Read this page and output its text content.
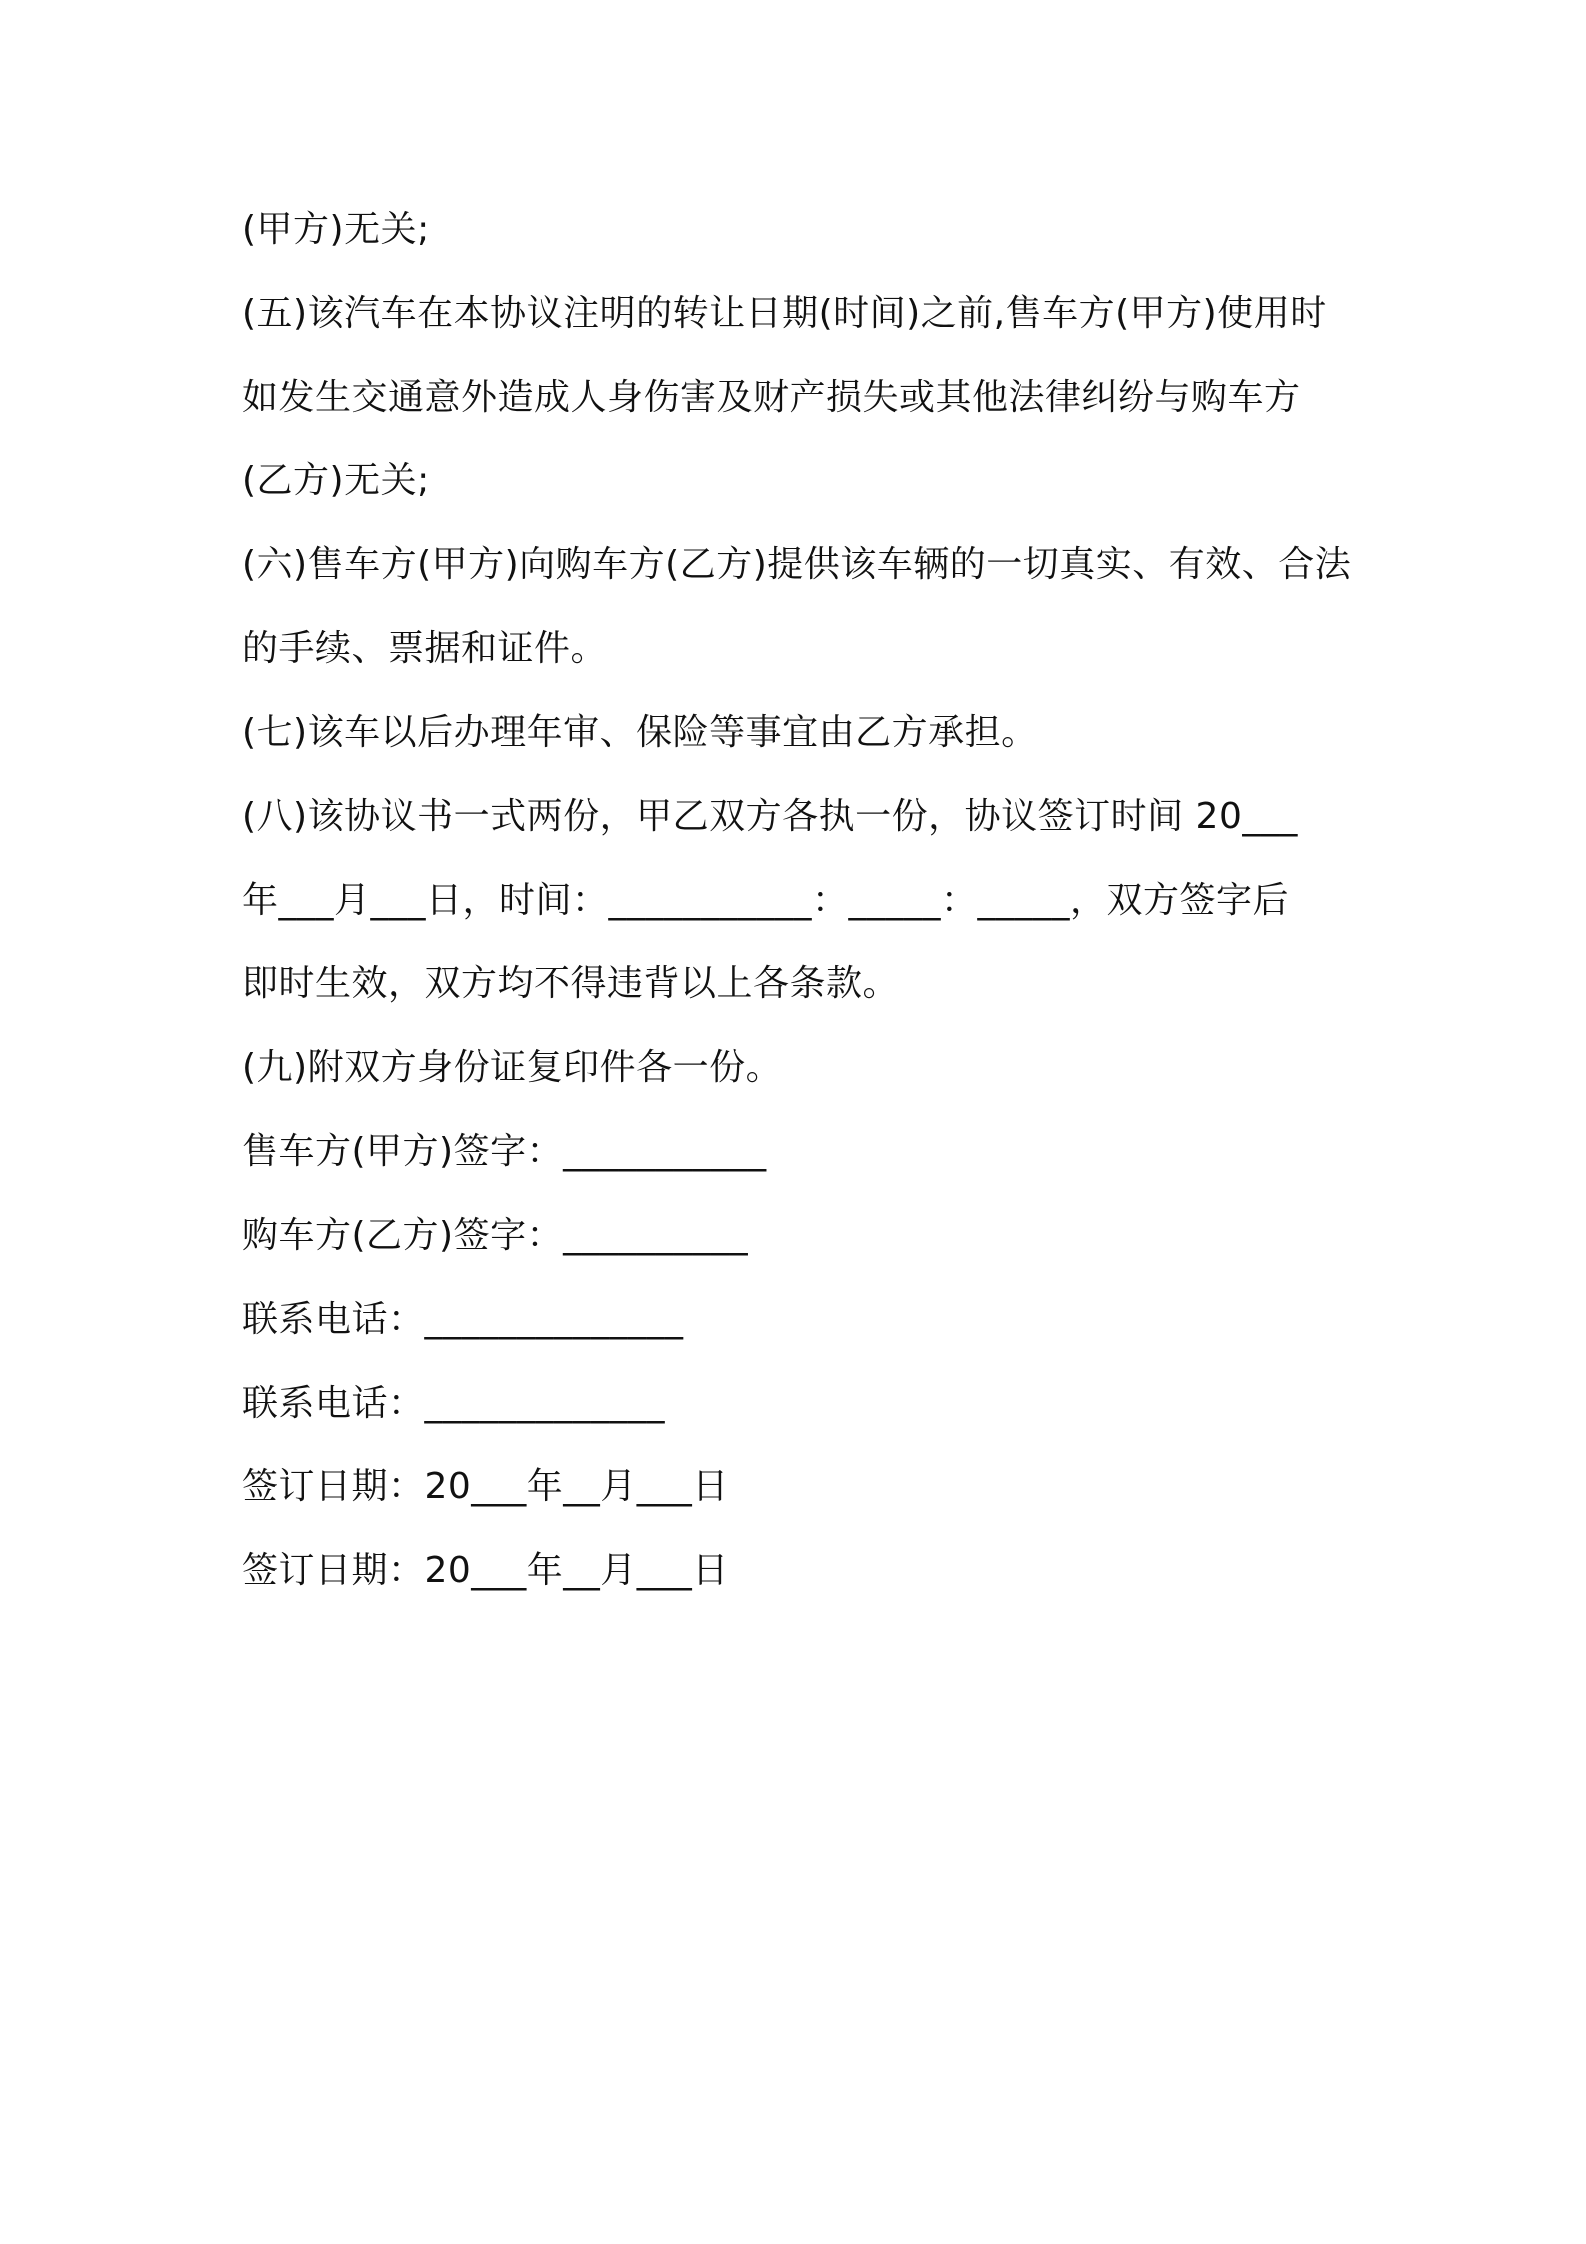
(甲方)无关;
(五)该汽车在本协议注明的转让日期(时间)之前,售车方(甲方)使用时
如发生交通意外造成人身伤害及财产损失或其他法律纠纷与购车方
(乙方)无关;
(六)售车方(甲方)向购车方(乙方)提供该车辆的一切真实、有效、合法
的手续、票据和证件。
(七)该车以后办理年审、保险等事宜由乙方承担。
(八)该协议书一式两份，甲乙双方各执一份，协议签订时间 20___
年___月___日，时间：___________：_____：_____，双方签字后
即时生效，双方均不得违背以上各条款。
(九)附双方身份证复印件各一份。
售车方(甲方)签字：___________
购车方(乙方)签字：__________
联系电话：______________
联系电话：_____________
签订日期：20___年__月___日
签订日期：20___年__月___日
